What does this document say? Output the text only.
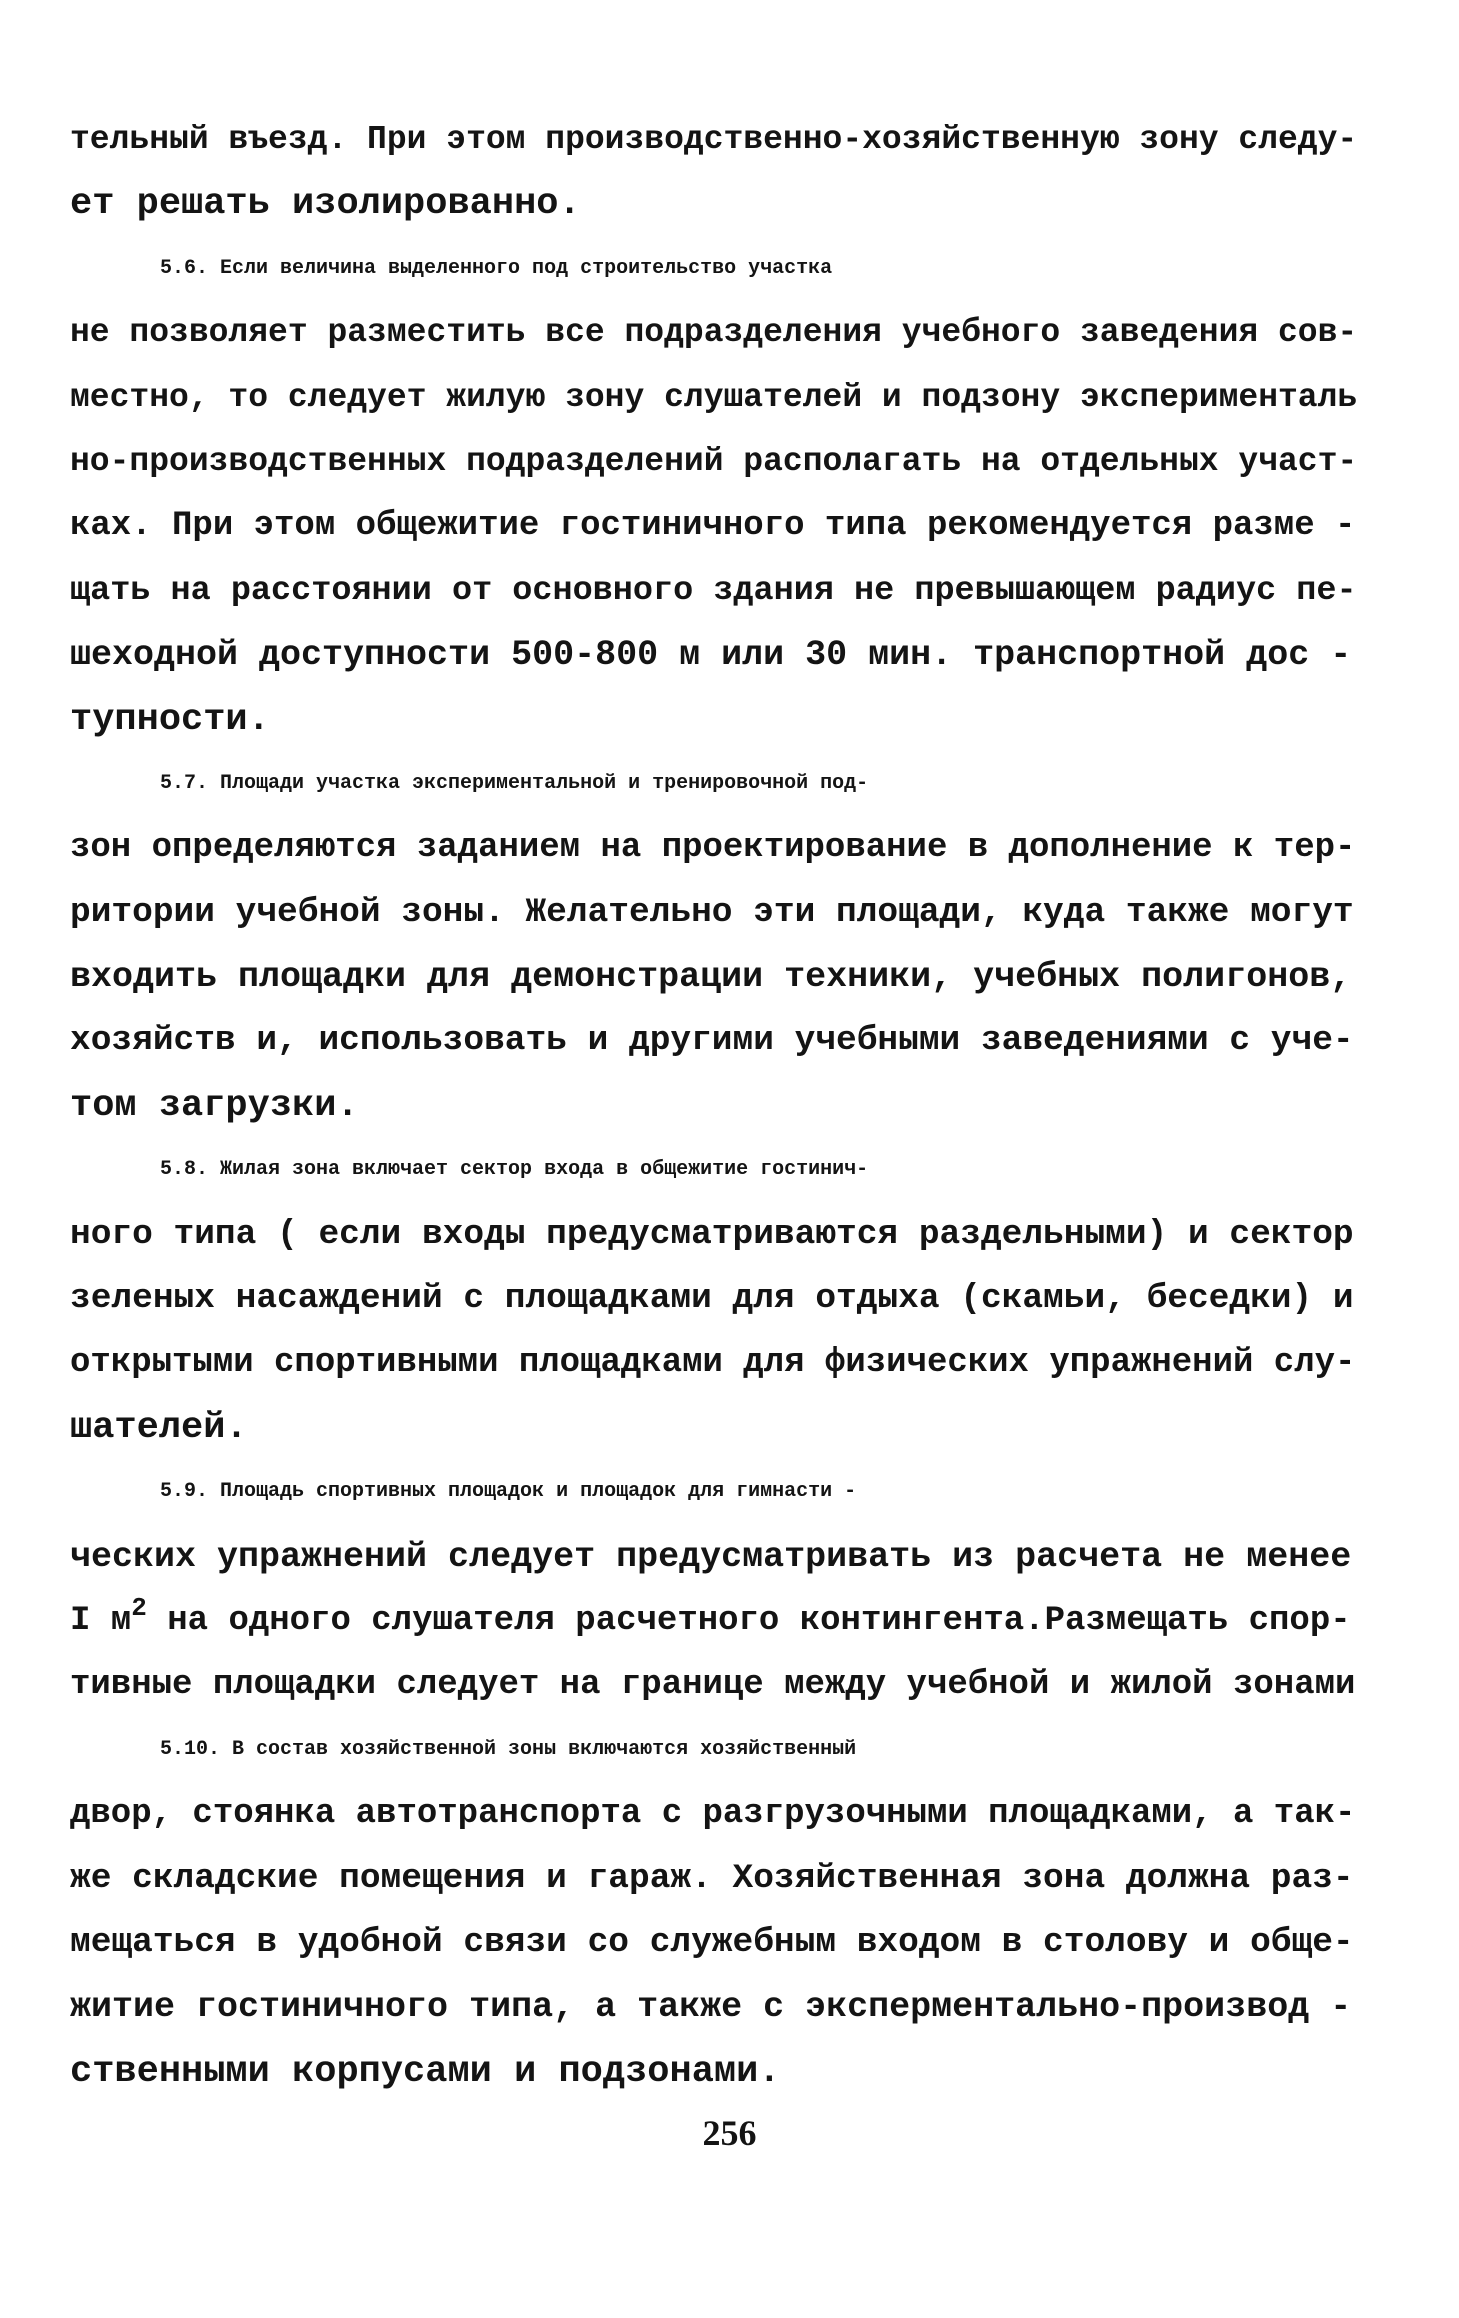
тельный въезд. При этом производственно-хозяйственную зону следу-
ет решать изолированно.
5.6. Если величина выделенного под строительство участка
не позволяет разместить все подразделения учебного заведения сов-
местно, то следует жилую зону слушателей и подзону эксперименталь
но-производственных подразделений располагать на отдельных участ-
ках. При этом общежитие гостиничного типа рекомендуется разме -
щать на расстоянии от основного здания не превышающем радиус пе-
шеходной доступности 500-800 м или 30 мин. транспортной дос -
тупности.
5.7. Площади участка экспериментальной и тренировочной под-
зон определяются заданием на проектирование в дополнение к тер-
ритории учебной зоны. Желательно эти площади, куда также могут
входить площадки для демонстрации техники, учебных полигонов,
хозяйств и, использовать и другими учебными заведениями с уче-
том загрузки.
5.8. Жилая зона включает сектор входа в общежитие гостинич-
ного типа ( если входы предусматриваются раздельными) и сектор
зеленых насаждений с площадками для отдыха (скамьи, беседки) и
открытыми спортивными площадками для физических упражнений слу-
шателей.
5.9. Площадь спортивных площадок и площадок для гимнасти -
ческих упражнений следует предусматривать из расчета не менее
I $м^2$ на одного слушателя расчетного контингента.Размещать спор-
тивные площадки следует на границе между учебной и жилой зонами
5.10. В состав хозяйственной зоны включаются хозяйственный
двор, стоянка автотранспорта с разгрузочными площадками, а так-
же складские помещения и гараж. Хозяйственная зона должна раз-
мещаться в удобной связи со служебным входом в столову и обще-
житие гостиничного типа, а также с эксперментально-производ -
ственными корпусами и подзонами.
256
